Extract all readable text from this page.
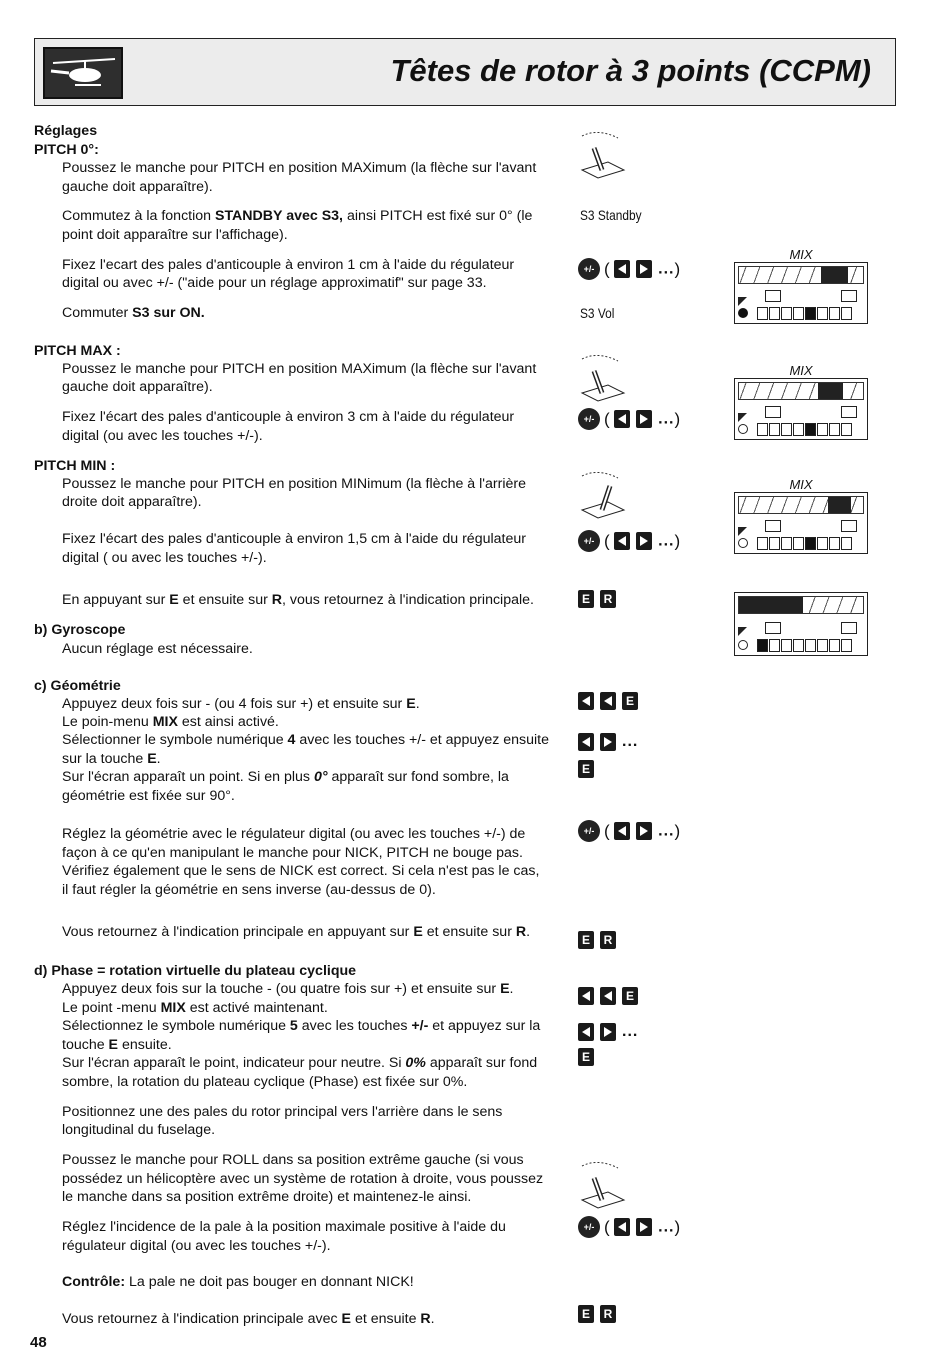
Têtes de rotor à 3 points (CCPM)
Réglages
PITCH 0°:
Poussez le manche pour PITCH en position MAXimum (la flèche sur l'avant
gauche doit apparaître).
Commutez à la fonction STANDBY avec S3, ainsi PITCH est fixé sur 0° (le
point doit apparaître sur l'affichage).
Fixez l'ecart des pales d'anticouple à environ 1 cm à l'aide du régulateur
digital ou avec +/- ("aide pour un réglage approximatif" sur page 33.
Commuter S3 sur ON.
PITCH MAX :
Poussez le manche pour PITCH en position MAXimum (la flèche sur l'avant
gauche doit apparaître).
Fixez l'écart des pales d'anticouple à environ 3 cm à l'aide du régulateur
digital (ou avec les touches +/-).
PITCH MIN :
Poussez le manche pour PITCH en position MINimum (la flèche à l'arrière
droite doit apparaître).
Fixez l'écart des pales d'anticouple à environ 1,5 cm à l'aide du régulateur
digital ( ou avec les touches +/-).
En appuyant sur E et ensuite sur R, vous retournez à l'indication principale.
b) Gyroscope
Aucun réglage est nécessaire.
c) Géométrie
Appuyez deux fois sur - (ou 4 fois sur +) et ensuite sur E.
Le poin-menu MIX est ainsi activé.
Sélectionner le symbole numérique 4 avec les touches +/- et appuyez ensuite
sur la touche E.
Sur l'écran apparaît un point. Si en plus 0° apparaît sur fond sombre, la
géométrie est fixée sur 90°.
Réglez la géométrie avec le régulateur digital (ou avec les touches +/-) de
façon à ce qu'en manipulant le manche pour NICK, PITCH ne bouge pas.
Vérifiez également que le sens de NICK est correct. Si cela n'est pas le cas,
il faut régler la géométrie en sens inverse (au-dessus de 0).
Vous retournez à l'indication principale en appuyant sur E et ensuite sur R.
d) Phase = rotation virtuelle du plateau cyclique
Appuyez deux fois sur la touche - (ou quatre fois sur +) et ensuite sur E.
Le point -menu MIX est activé maintenant.
Sélectionnez le symbole numérique 5 avec les touches +/- et appuyez sur la
touche E ensuite.
Sur l'écran apparaît le point, indicateur pour neutre. Si 0% apparaît sur fond
sombre, la rotation du plateau cyclique (Phase) est fixée sur 0%.
Positionnez une des pales du rotor principal vers l'arrière dans le sens
longitudinal du fuselage.
Poussez le manche pour ROLL dans sa position extrême gauche (si vous
possédez un hélicoptère avec un système de rotation à droite, vous poussez
le manche dans sa position extrême droite) et maintenez-le ainsi.
Réglez l'incidence de la pale à la position maximale positive à l'aide du
régulateur digital (ou avec les touches +/-).
Contrôle: La pale ne doit pas bouger en donnant NICK!
Vous retournez à l'indication principale avec E et ensuite R.
48
S3 Standby
+/- (	...)
S3 Vol
+/- (	...)
+/- (	...)
E R
E
...
E
+/- (	...)
E R
E
...
E
+/- (	...)
E R
MIX
MIX
MIX
